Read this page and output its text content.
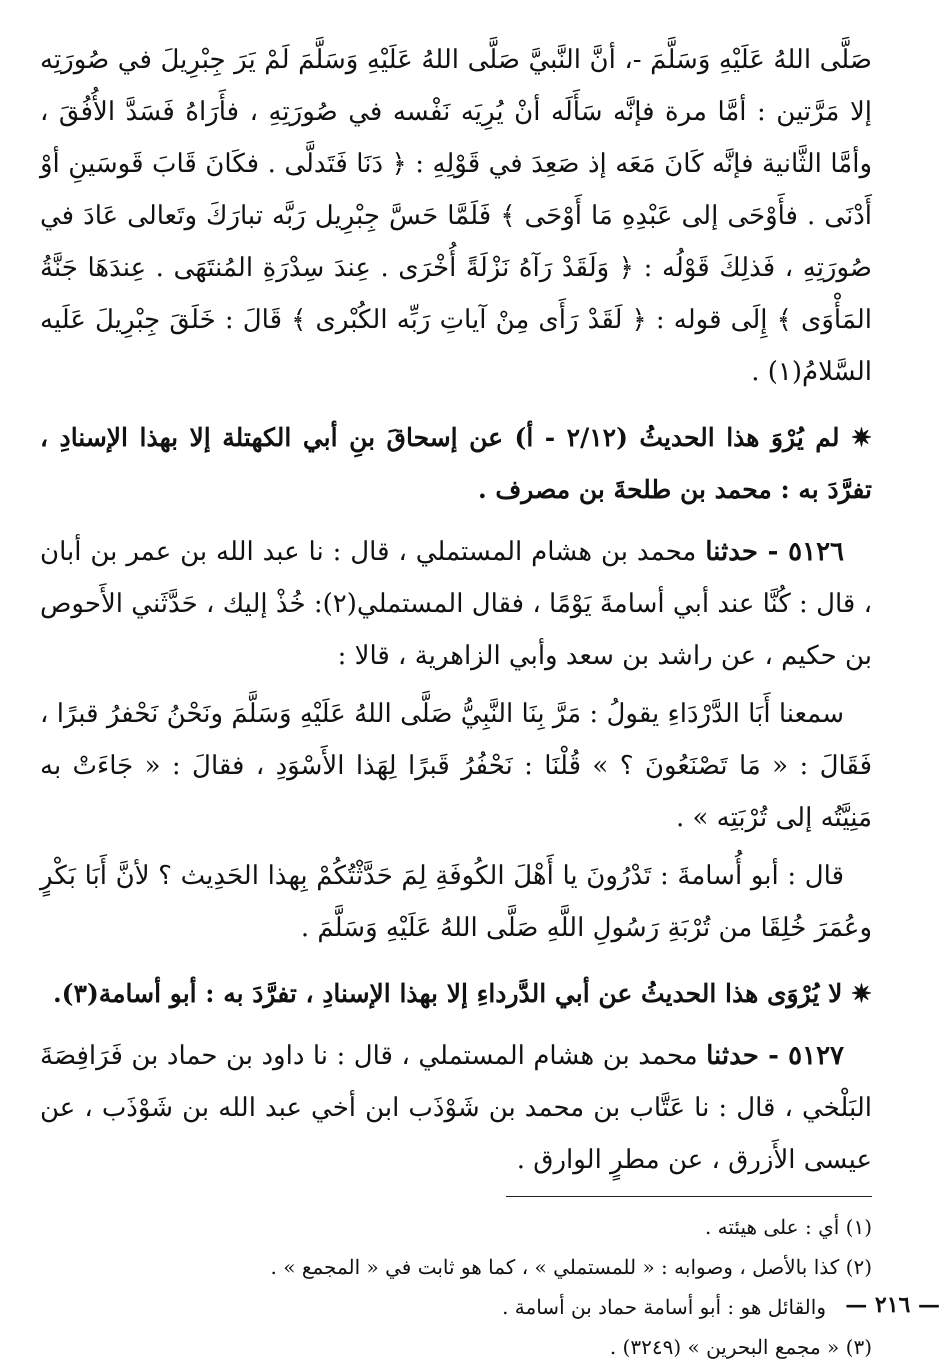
صَلَّى اللهُ عَلَيْهِ وَسَلَّمَ -، أنَّ النَّبيَّ صَلَّى اللهُ عَلَيْهِ وَسَلَّمَ لَمْ يَرَ جِبْرِيلَ في صُورَتِه إلا مَرَّتين : أمَّا مرة فإنَّه سَأَلَه أنْ يُرِيَه نَفْسه في صُورَتِهِ ، فأَرَاهُ فَسَدَّ الأُفُقَ ، وأمَّا الثَّانية فإنَّه كَانَ مَعَه إذ صَعِدَ في قَوْلِهِ : ﴿ دَنَا فَتَدلَّى . فكَانَ قَابَ قَوسَينِ أوْ أَدْنَى . فأَوْحَى إلى عَبْدِهِ مَا أَوْحَى ﴾ فَلَمَّا حَسَّ جِبْرِيل رَبَّه تبارَكَ وتَعالى عَادَ في صُورَتِهِ ، فَذلِكَ قَوْلُه : ﴿ وَلَقَدْ رَآهُ نَزْلَةً أُخْرَى . عِندَ سِدْرَةِ المُنتَهَى . عِندَهَا جَنَّةُ المَأْوَى ﴾ إِلَى قوله : ﴿ لَقَدْ رَأَى مِنْ آياتِ رَبِّه الكُبْرى ﴾ قَالَ : خَلَقَ جِبْرِيلَ عَلَيه السَّلامُ(١) .

✷ لم يُرْوَ هذا الحديثُ (٢/١٢ - أ) عن إسحاقَ بنِ أبي الكهتلة إلا بهذا الإسنادِ ، تفرَّدَ به : محمد بن طلحةَ بن مصرف .

٥١٢٦ - حدثنا محمد بن هشام المستملي ، قال : نا عبد الله بن عمر بن أبان ، قال : كُنَّا عند أبي أسامةَ يَوْمًا ، فقال المستملي(٢): خُذْ إليك ، حَدَّثَني الأَحوص بن حكيم ، عن راشد بن سعد وأبي الزاهرية ، قالا :

سمعنا أَبَا الدَّرْدَاءِ يقولُ : مَرَّ بِنَا النَّبِيُّ صَلَّى اللهُ عَلَيْهِ وَسَلَّمَ ونَحْنُ نَحْفرُ قبرًا ، فَقَالَ : « مَا تَصْنَعُونَ ؟ » قُلْنَا : نَحْفُرُ قَبرًا لِهَذا الأَسْوَدِ ، فقالَ : « جَاءَتْ به مَنِيَّتُه إلى تُرْبَتِه » .

قال : أبو أُسامةَ : تَدْرُونَ يا أَهْلَ الكُوفَةِ لِمَ حَدَّثْتُكُمْ بِهذا الحَدِيث ؟ لأنَّ أَبَا بَكْرٍ وعُمَرَ خُلِقَا من تُرْبَةِ رَسُولِ اللَّهِ صَلَّى اللهُ عَلَيْهِ وَسَلَّمَ .

✷ لا يُرْوَى هذا الحديثُ عن أبي الدَّرداءِ إلا بهذا الإسنادِ ، تفرَّدَ به : أبو أسامة(٣).

٥١٢٧ - حدثنا محمد بن هشام المستملي ، قال : نا داود بن حماد بن فَرَافِصَةَ البَلْخي ، قال : نا عَتَّاب بن محمد بن شَوْذَب ابن أخي عبد الله بن شَوْذَب ، عن عيسى الأَزرق ، عن مطرٍ الوارق .

(١) أي : على هيئته .

(٢) كذا بالأصل ، وصوابه : « للمستملي » ، كما هو ثابت في « المجمع » .

والقائل هو : أبو أسامة حماد بن أسامة .

(٣) « مجمع البحرين » (٣٢٤٩) .

— ٢١٦ —
